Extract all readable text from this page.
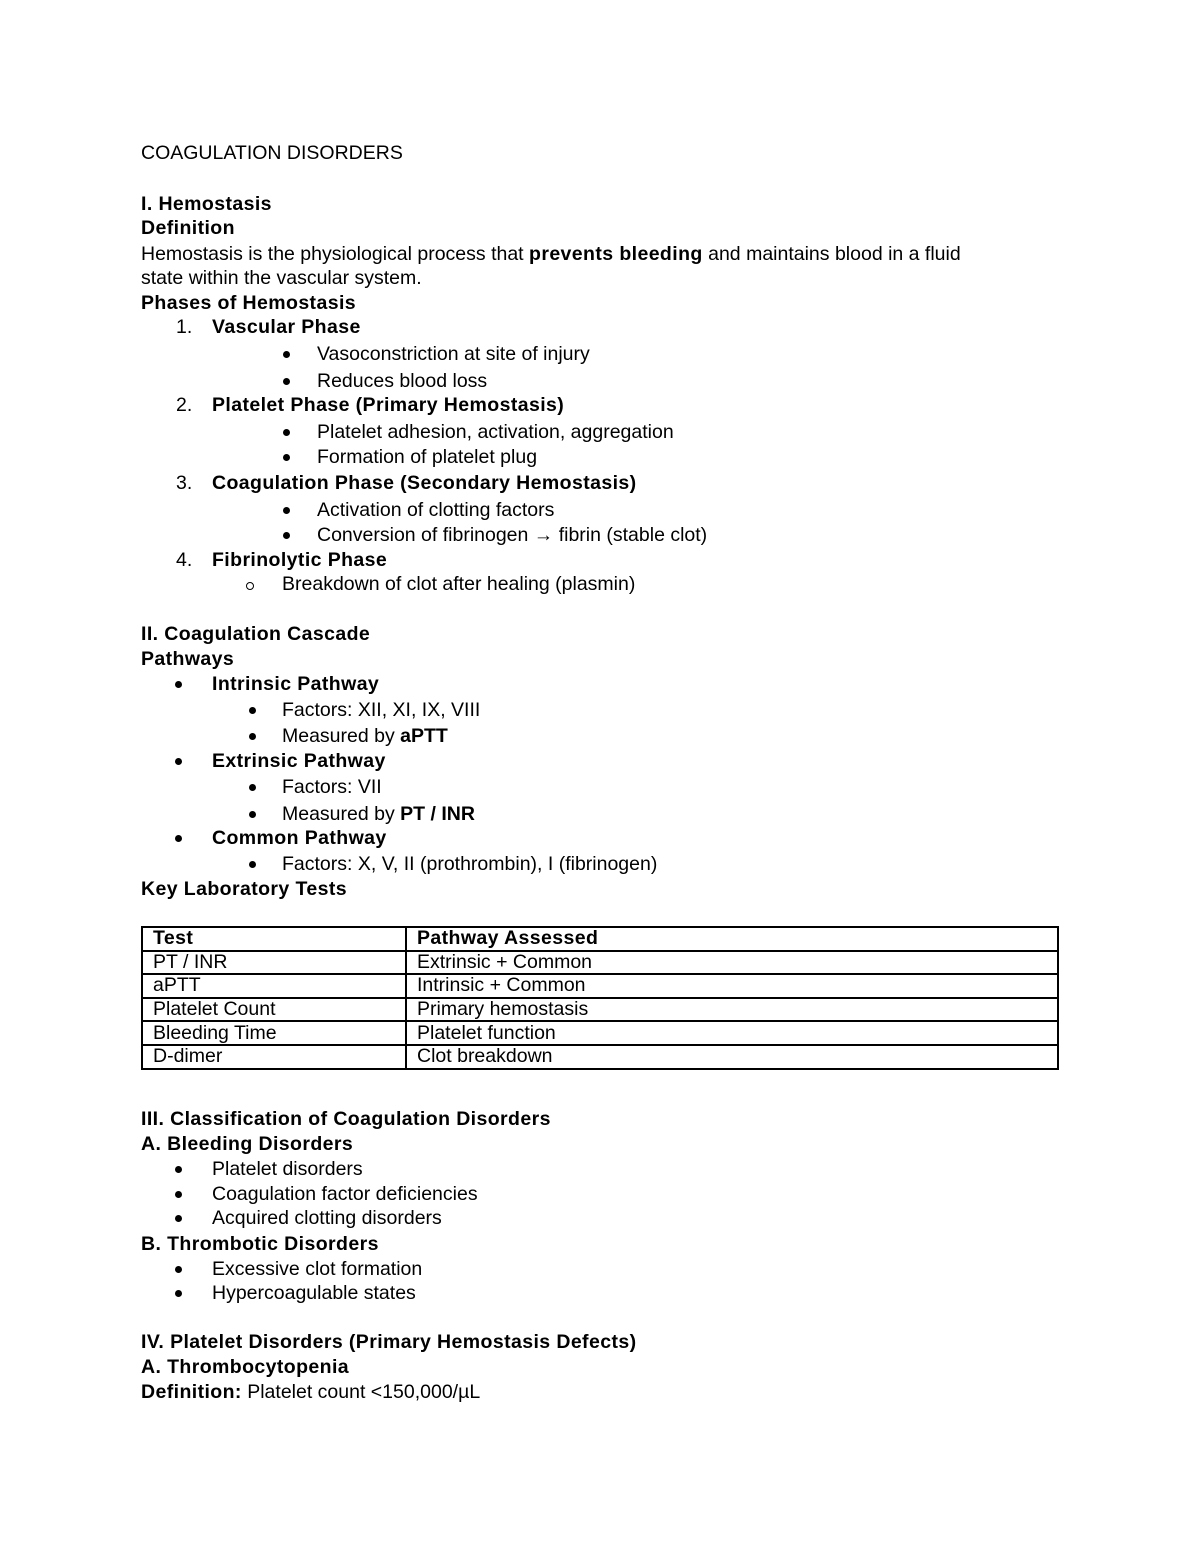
COAGULATION DISORDERS
I. Hemostasis
Definition
Hemostasis is the physiological process that prevents bleeding and maintains blood in a fluid
state within the vascular system.
Phases of Hemostasis
1. Vascular Phase
Vasoconstriction at site of injury
Reduces blood loss
2. Platelet Phase (Primary Hemostasis)
Platelet adhesion, activation, aggregation
Formation of platelet plug
3. Coagulation Phase (Secondary Hemostasis)
Activation of clotting factors
Conversion of fibrinogen → fibrin (stable clot)
4. Fibrinolytic Phase
Breakdown of clot after healing (plasmin)
II. Coagulation Cascade
Pathways
Intrinsic Pathway
Factors: XII, XI, IX, VIII
Measured by aPTT
Extrinsic Pathway
Factors: VII
Measured by PT / INR
Common Pathway
Factors: X, V, II (prothrombin), I (fibrinogen)
Key Laboratory Tests
Test	Pathway Assessed
PT / INR	Extrinsic + Common
aPTT	Intrinsic + Common
Platelet Count	Primary hemostasis
Bleeding Time	Platelet function
D-dimer	Clot breakdown
III. Classification of Coagulation Disorders
A. Bleeding Disorders
Platelet disorders
Coagulation factor deficiencies
Acquired clotting disorders
B. Thrombotic Disorders
Excessive clot formation
Hypercoagulable states
IV. Platelet Disorders (Primary Hemostasis Defects)
A. Thrombocytopenia
Definition: Platelet count <150,000/µL
